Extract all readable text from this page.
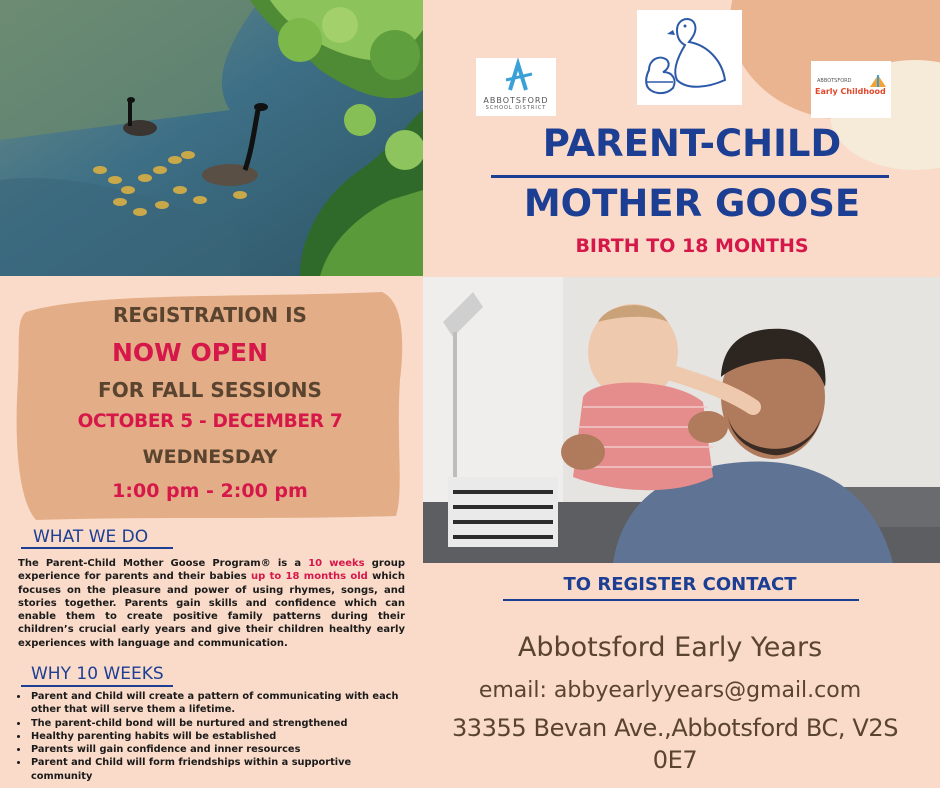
ABBOTSFORD
SCHOOL DISTRICT
ABBOTSFORD
Early Childhood
PARENT-CHILD
MOTHER GOOSE
BIRTH TO 18 MONTHS
REGISTRATION IS
NOW OPEN
FOR FALL SESSIONS
OCTOBER 5 - DECEMBER 7
WEDNESDAY
1:00 pm - 2:00 pm
WHAT WE DO
The Parent-Child Mother Goose Program® is a 10 weeks group experience for parents and their babies up to 18 months old which focuses on the pleasure and power of using rhymes, songs, and stories together. Parents gain skills and confidence which can enable them to create positive family patterns during their children’s crucial early years and give their children healthy early experiences with language and communication.
WHY 10 WEEKS
• Parent and Child will create a pattern of communicating with each other that will serve them a lifetime.
• The parent-child bond will be nurtured and strengthened
• Healthy parenting habits will be established
• Parents will gain confidence and inner resources
• Parent and Child will form friendships within a supportive community
TO REGISTER CONTACT
Abbotsford Early Years
email: abbyearlyyears@gmail.com
33355 Bevan Ave.,Abbotsford BC, V2S 0E7
